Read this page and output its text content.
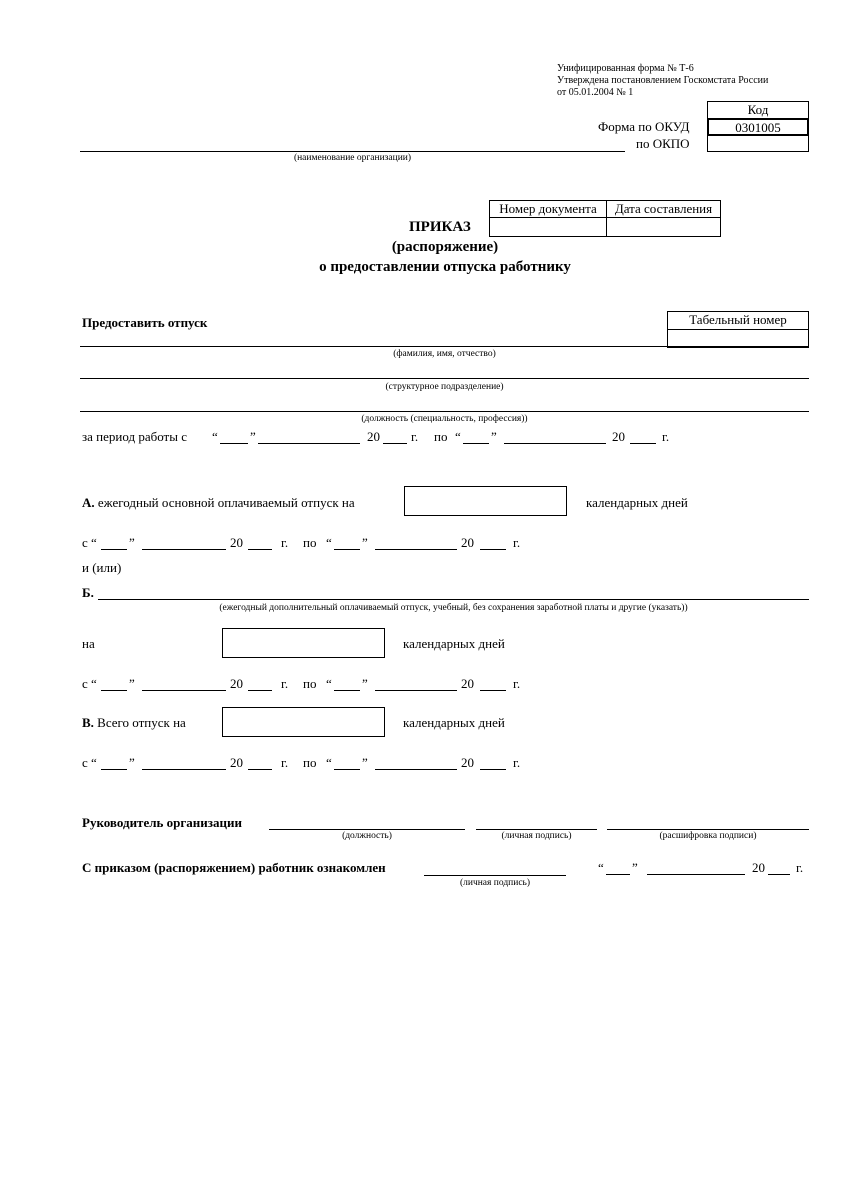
Унифицированная форма № Т-6
Утверждена постановлением Госкомстата России
от 05.01.2004 № 1
Код
0301005
Форма по ОКУД
по ОКПО
(наименование организации)
Номер документа	Дата составления
ПРИКАЗ
(распоряжение)
о предоставлении отпуска работнику
Предоставить отпуск	Табельный номер
(фамилия, имя, отчество)
(структурное подразделение)
(должность (специальность, профессия))
за период работы с “ ”	20 г. по “ ”	20	г.
А. ежегодный основной оплачиваемый отпуск на	календарных дней
с “ ”	20	г. по “ ”	20	г.
и (или)
Б.
(ежегодный дополнительный оплачиваемый отпуск, учебный, без сохранения заработной платы и другие (указать))
на	календарных дней
с “ ”	20	г. по “ ”	20	г.
В. Всего отпуск на	календарных дней
с “ ”	20	г. по “ ”	20	г.
Руководитель организации
(должность)	(личная подпись)	(расшифровка подписи)
С приказом (распоряжением) работник ознакомлен
(личная подпись)
“ ”	20 г.
